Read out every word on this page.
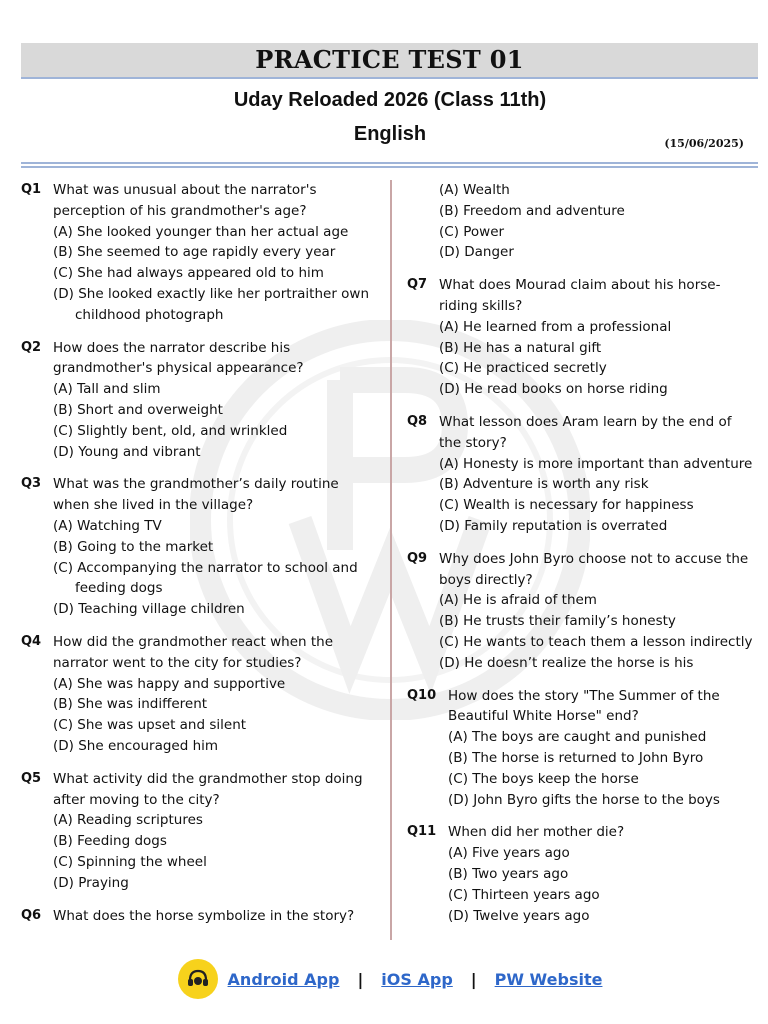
PRACTICE TEST 01
Uday Reloaded 2026 (Class 11th)
English	(15/06/2025)
Q1 What was unusual about the narrator's perception of his grandmother's age?
(A) She looked younger than her actual age
(B) She seemed to age rapidly every year
(C) She had always appeared old to him
(D) She looked exactly like her portraither own childhood photograph
Q2 How does the narrator describe his grandmother's physical appearance?
(A) Tall and slim
(B) Short and overweight
(C) Slightly bent, old, and wrinkled
(D) Young and vibrant
Q3 What was the grandmother’s daily routine when she lived in the village?
(A) Watching TV
(B) Going to the market
(C) Accompanying the narrator to school and feeding dogs
(D) Teaching village children
Q4 How did the grandmother react when the narrator went to the city for studies?
(A) She was happy and supportive
(B) She was indifferent
(C) She was upset and silent
(D) She encouraged him
Q5 What activity did the grandmother stop doing after moving to the city?
(A) Reading scriptures
(B) Feeding dogs
(C) Spinning the wheel
(D) Praying
Q6 What does the horse symbolize in the story?
(A) Wealth
(B) Freedom and adventure
(C) Power
(D) Danger
Q7 What does Mourad claim about his horse-riding skills?
(A) He learned from a professional
(B) He has a natural gift
(C) He practiced secretly
(D) He read books on horse riding
Q8 What lesson does Aram learn by the end of the story?
(A) Honesty is more important than adventure
(B) Adventure is worth any risk
(C) Wealth is necessary for happiness
(D) Family reputation is overrated
Q9 Why does John Byro choose not to accuse the boys directly?
(A) He is afraid of them
(B) He trusts their family’s honesty
(C) He wants to teach them a lesson indirectly
(D) He doesn’t realize the horse is his
Q10 How does the story "The Summer of the Beautiful White Horse" end?
(A) The boys are caught and punished
(B) The horse is returned to John Byro
(C) The boys keep the horse
(D) John Byro gifts the horse to the boys
Q11 When did her mother die?
(A) Five years ago
(B) Two years ago
(C) Thirteen years ago
(D) Twelve years ago
Android App | iOS App | PW Website
